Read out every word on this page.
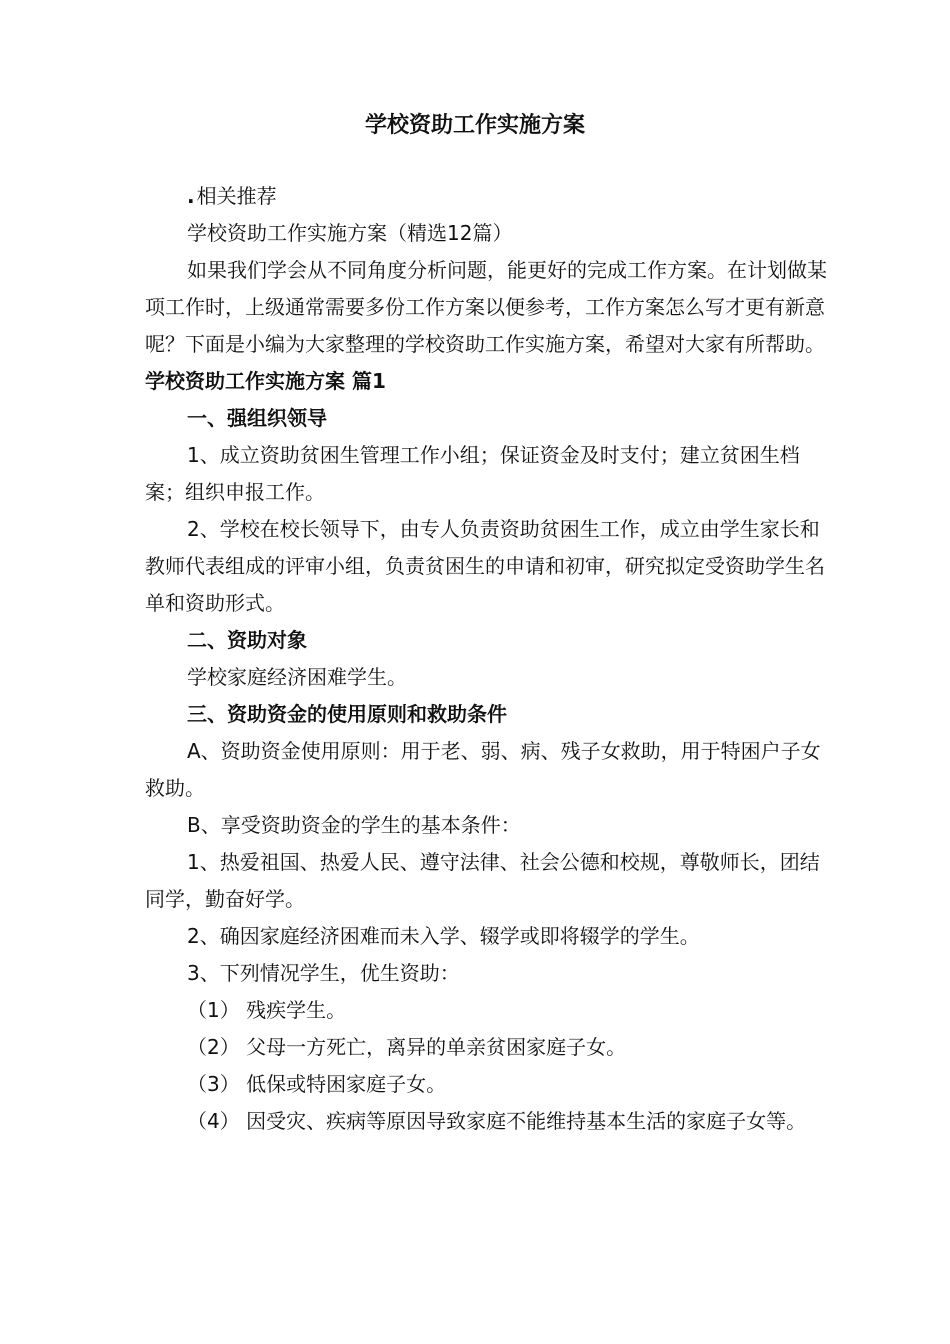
学校资助工作实施方案

. 相关推荐

学校资助工作实施方案（精选12篇）

如果我们学会从不同角度分析问题，能更好的完成工作方案。在计划做某项工作时，上级通常需要多份工作方案以便参考，工作方案怎么写才更有新意呢？下面是小编为大家整理的学校资助工作实施方案，希望对大家有所帮助。

学校资助工作实施方案 篇1

一、强组织领导

1、成立资助贫困生管理工作小组；保证资金及时支付；建立贫困生档案；组织申报工作。

2、学校在校长领导下，由专人负责资助贫困生工作，成立由学生家长和教师代表组成的评审小组，负责贫困生的申请和初审，研究拟定受资助学生名单和资助形式。

二、资助对象

学校家庭经济困难学生。

三、资助资金的使用原则和救助条件

A、资助资金使用原则：用于老、弱、病、残子女救助，用于特困户子女救助。

B、享受资助资金的学生的基本条件：

1、热爱祖国、热爱人民、遵守法律、社会公德和校规，尊敬师长，团结同学，勤奋好学。

2、确因家庭经济困难而未入学、辍学或即将辍学的学生。

3、下列情况学生，优生资助：

（1） 残疾学生。

（2） 父母一方死亡，离异的单亲贫困家庭子女。

（3） 低保或特困家庭子女。

（4） 因受灾、疾病等原因导致家庭不能维持基本生活的家庭子女等。
